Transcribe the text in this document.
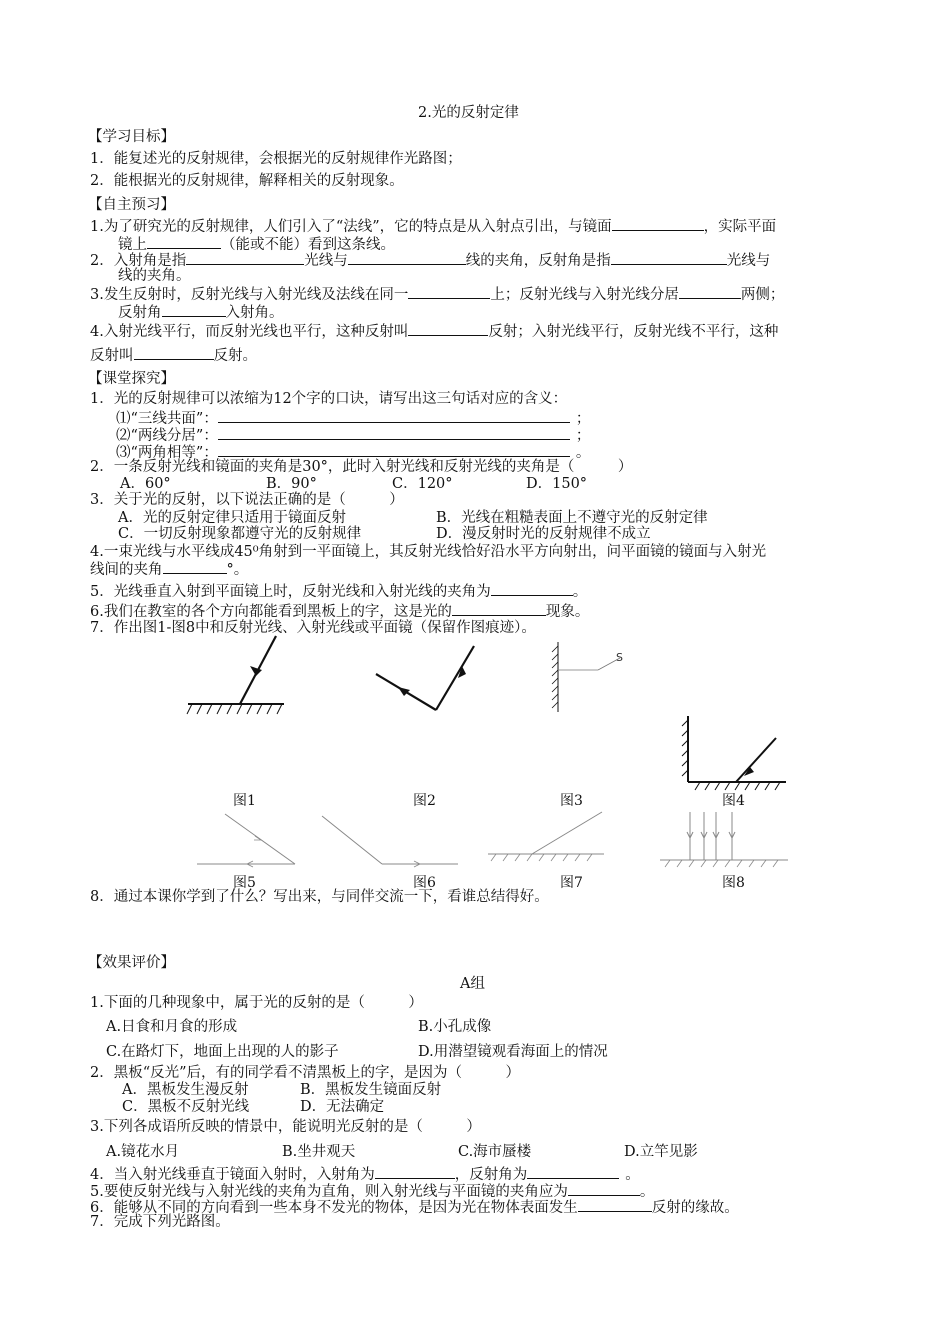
2.光的反射定律
【学习目标】
1．能复述光的反射规律，会根据光的反射规律作光路图；
2．能根据光的反射规律，解释相关的反射现象。
【自主预习】
1.为了研究光的反射规律，人们引入了“法线”，它的特点是从入射点引出，与镜面	，实际平面
镜上	（能或不能）看到这条线。
2．入射角是指	光线与	线的夹角，反射角是指	光线与
线的夹角。
3.发生反射时，反射光线与入射光线及法线在同一	上；反射光线与入射光线分居	两侧；
反射角	入射角。
4.入射光线平行，而反射光线也平行，这种反射叫	反射；入射光线平行，反射光线不平行，这种
反射叫	反射。
【课堂探究】
1．光的反射规律可以浓缩为12个字的口诀，请写出这三句话对应的含义：
⑴“三线共面”：	；
⑵“两线分居”：	；
⑶“两角相等”：	。
2．一条反射光线和镜面的夹角是30°，此时入射光线和反射光线的夹角是（　　　）
A．60°	B．90°	C．120°	D．150°
3．关于光的反射，以下说法正确的是（　　　）
A．光的反射定律只适用于镜面反射	B．光线在粗糙表面上不遵守光的反射定律
C．一切反射现象都遵守光的反射规律	D．漫反射时光的反射规律不成立
4.一束光线与水平线成45⁰角射到一平面镜上，其反射光线恰好沿水平方向射出，问平面镜的镜面与入射光
线间的夹角	°。
5．光线垂直入射到平面镜上时，反射光线和入射光线的夹角为	。
6.我们在教室的各个方向都能看到黑板上的字，这是光的	现象。
7．作出图1-图8中和反射光线、入射光线或平面镜（保留作图痕迹）。
S
图1	图2	图3	图4
图5	图6	图7	图8
8．通过本课你学到了什么？写出来，与同伴交流一下，看谁总结得好。
【效果评价】
A组
1.下面的几种现象中，属于光的反射的是（　　　）
A.日食和月食的形成	B.小孔成像
C.在路灯下，地面上出现的人的影子	D.用潜望镜观看海面上的情况
2．黑板“反光”后，有的同学看不清黑板上的字，是因为（　　　）
A．黑板发生漫反射	B．黑板发生镜面反射
C．黑板不反射光线	D．无法确定
3.下列各成语所反映的情景中，能说明光反射的是（　　　）
A.镜花水月	B.坐井观天	C.海市蜃楼	D.立竿见影
4．当入射光线垂直于镜面入射时，入射角为	，反射角为	。
5.要使反射光线与入射光线的夹角为直角，则入射光线与平面镜的夹角应为	。
6．能够从不同的方向看到一些本身不发光的物体，是因为光在物体表面发生	反射的缘故。
7．完成下列光路图。
